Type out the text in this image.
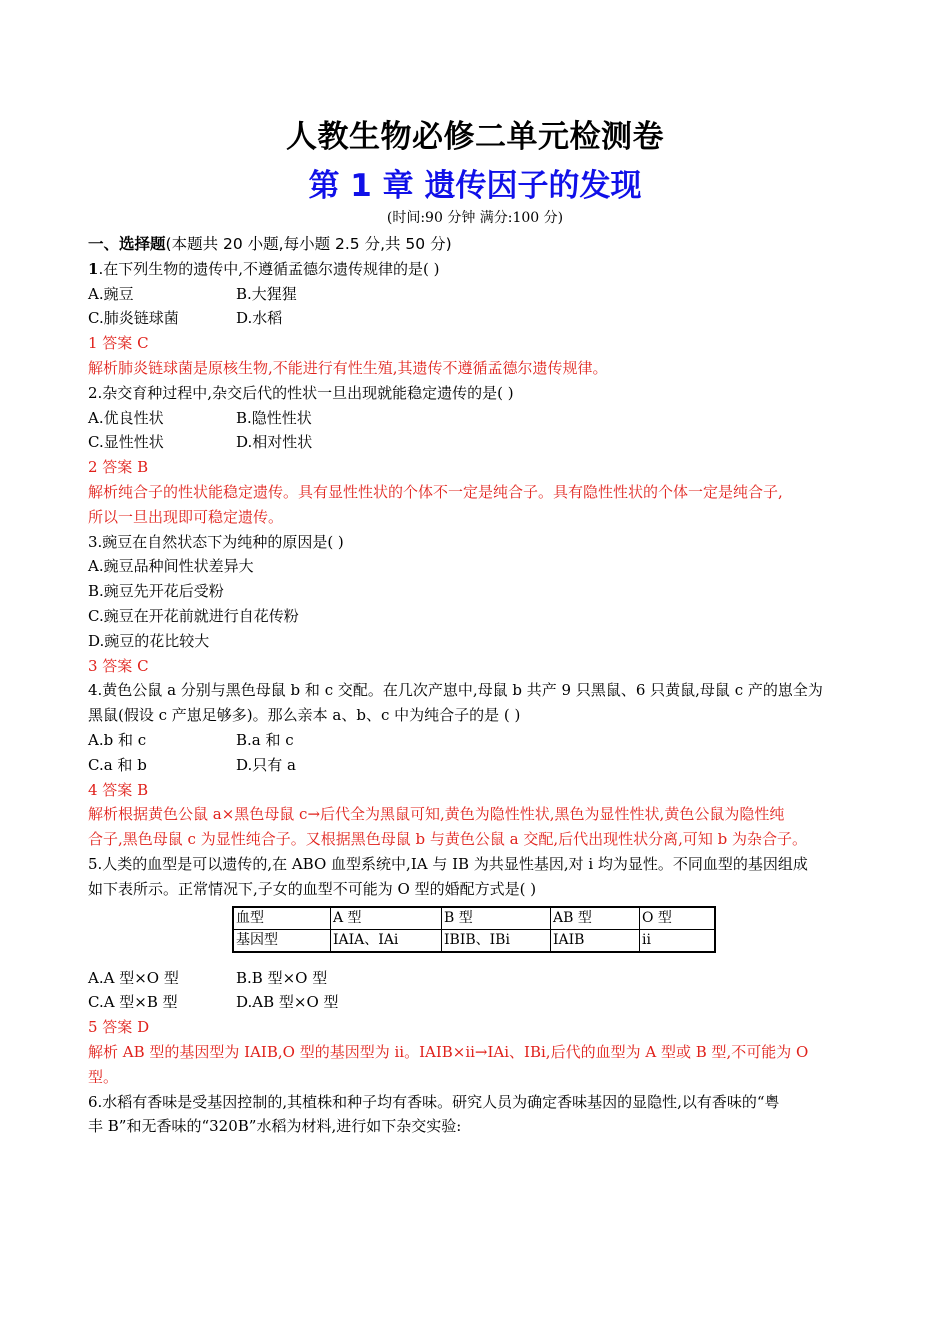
人教生物必修二单元检测卷
第 1 章 遗传因子的发现
(时间:90 分钟 满分:100 分)
一、选择题(本题共 20 小题,每小题 2.5 分,共 50 分)
1.在下列生物的遗传中,不遵循孟德尔遗传规律的是( )
A.豌豆	B.大猩猩
C.肺炎链球菌	D.水稻
1 答案 C
解析肺炎链球菌是原核生物,不能进行有性生殖,其遗传不遵循孟德尔遗传规律。
2.杂交育种过程中,杂交后代的性状一旦出现就能稳定遗传的是( )
A.优良性状	B.隐性性状
C.显性性状	D.相对性状
2 答案 B
解析纯合子的性状能稳定遗传。具有显性性状的个体不一定是纯合子。具有隐性性状的个体一定是纯合子,
所以一旦出现即可稳定遗传。
3.豌豆在自然状态下为纯种的原因是( )
A.豌豆品种间性状差异大
B.豌豆先开花后受粉
C.豌豆在开花前就进行自花传粉
D.豌豆的花比较大
3 答案 C
4.黄色公鼠 a 分别与黑色母鼠 b 和 c 交配。在几次产崽中,母鼠 b 共产 9 只黑鼠、6 只黄鼠,母鼠 c 产的崽全为
黑鼠(假设 c 产崽足够多)。那么亲本 a、b、c 中为纯合子的是 ( )
A.b 和 c	B.a 和 c
C.a 和 b	D.只有 a
4 答案 B
解析根据黄色公鼠 a×黑色母鼠 c→后代全为黑鼠可知,黄色为隐性性状,黑色为显性性状,黄色公鼠为隐性纯
合子,黑色母鼠 c 为显性纯合子。又根据黑色母鼠 b 与黄色公鼠 a 交配,后代出现性状分离,可知 b 为杂合子。
5.人类的血型是可以遗传的,在 ABO 血型系统中,IA 与 IB 为共显性基因,对 i 均为显性。不同血型的基因组成
如下表所示。正常情况下,子女的血型不可能为 O 型的婚配方式是( )
血型	A 型	B 型	AB 型	O 型
基因型	IAIA、IAi	IBIB、IBi	IAIB	ii
A.A 型×O 型	B.B 型×O 型
C.A 型×B 型	D.AB 型×O 型
5 答案 D
解析 AB 型的基因型为 IAIB,O 型的基因型为 ii。IAIB×ii→IAi、IBi,后代的血型为 A 型或 B 型,不可能为 O
型。
6.水稻有香味是受基因控制的,其植株和种子均有香味。研究人员为确定香味基因的显隐性,以有香味的“粤
丰 B”和无香味的“320B”水稻为材料,进行如下杂交实验:
